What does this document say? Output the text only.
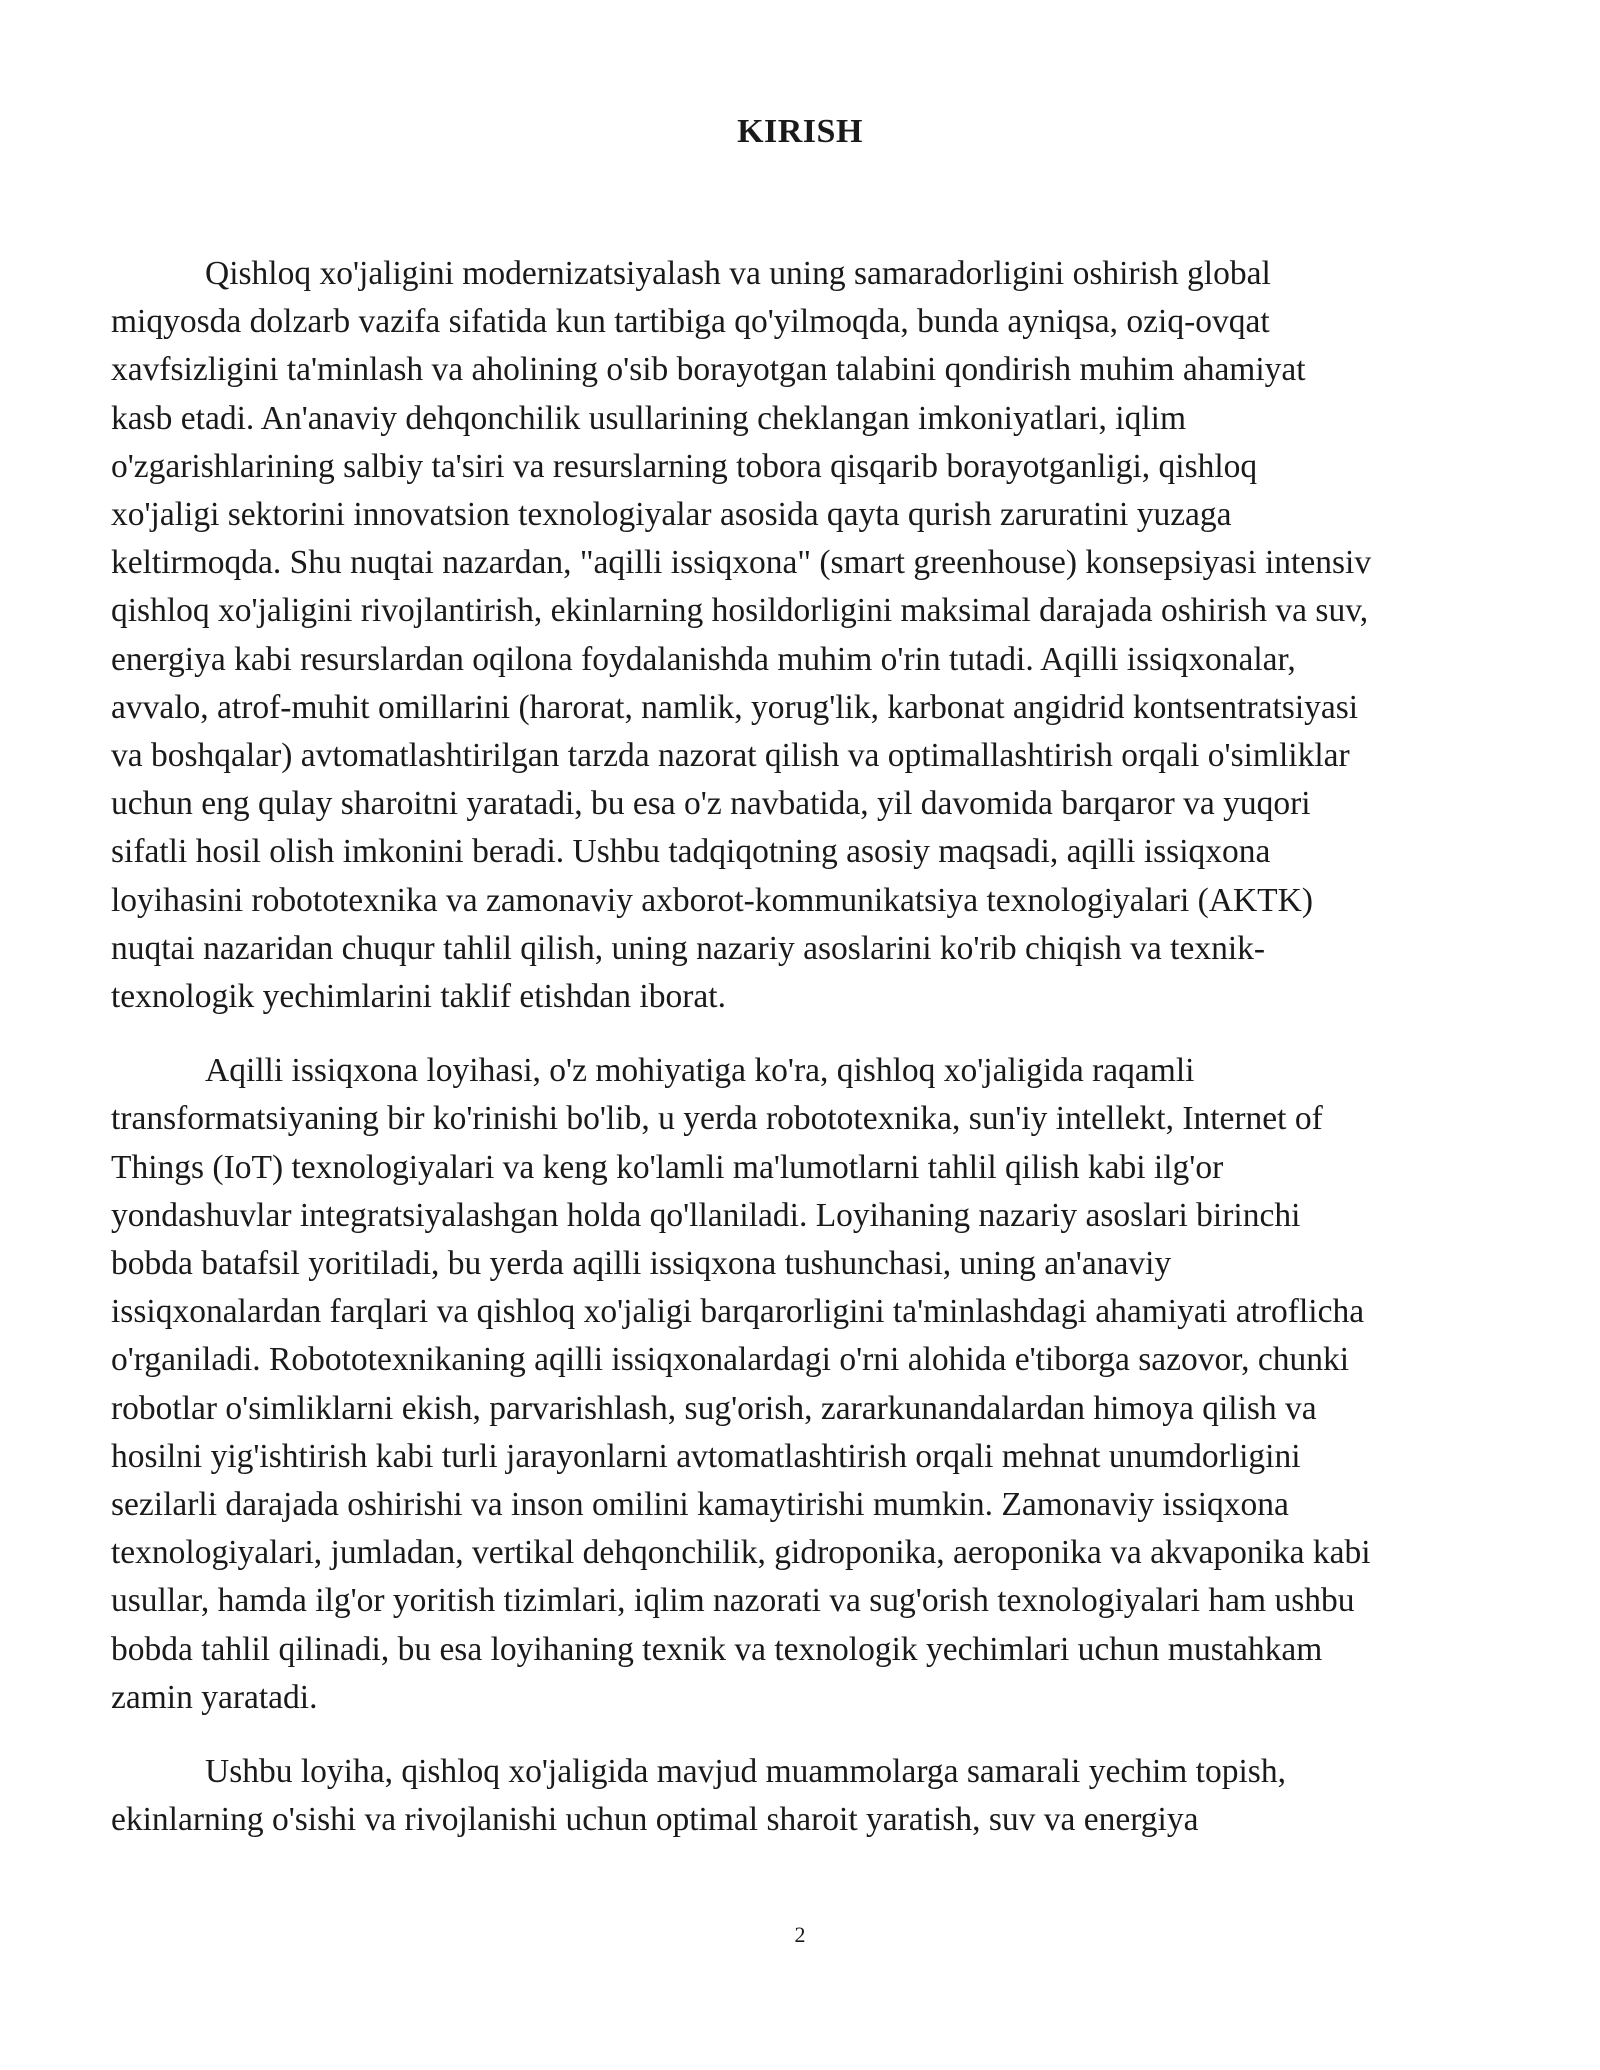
KIRISH

Qishloq xo'jaligini modernizatsiyalash va uning samaradorligini oshirish global
miqyosda dolzarb vazifa sifatida kun tartibiga qo'yilmoqda, bunda ayniqsa, oziq-ovqat
xavfsizligini ta'minlash va aholining o'sib borayotgan talabini qondirish muhim ahamiyat
kasb etadi. An'anaviy dehqonchilik usullarining cheklangan imkoniyatlari, iqlim
o'zgarishlarining salbiy ta'siri va resurslarning tobora qisqarib borayotganligi, qishloq
xo'jaligi sektorini innovatsion texnologiyalar asosida qayta qurish zaruratini yuzaga
keltirmoqda. Shu nuqtai nazardan, "aqilli issiqxona" (smart greenhouse) konsepsiyasi intensiv
qishloq xo'jaligini rivojlantirish, ekinlarning hosildorligini maksimal darajada oshirish va suv,
energiya kabi resurslardan oqilona foydalanishda muhim o'rin tutadi. Aqilli issiqxonalar,
avvalo, atrof-muhit omillarini (harorat, namlik, yorug'lik, karbonat angidrid kontsentratsiyasi
va boshqalar) avtomatlashtirilgan tarzda nazorat qilish va optimallashtirish orqali o'simliklar
uchun eng qulay sharoitni yaratadi, bu esa o'z navbatida, yil davomida barqaror va yuqori
sifatli hosil olish imkonini beradi. Ushbu tadqiqotning asosiy maqsadi, aqilli issiqxona
loyihasini robototexnika va zamonaviy axborot-kommunikatsiya texnologiyalari (AKTK)
nuqtai nazaridan chuqur tahlil qilish, uning nazariy asoslarini ko'rib chiqish va texnik-
texnologik yechimlarini taklif etishdan iborat.

Aqilli issiqxona loyihasi, o'z mohiyatiga ko'ra, qishloq xo'jaligida raqamli
transformatsiyaning bir ko'rinishi bo'lib, u yerda robototexnika, sun'iy intellekt, Internet of
Things (IoT) texnologiyalari va keng ko'lamli ma'lumotlarni tahlil qilish kabi ilg'or
yondashuvlar integratsiyalashgan holda qo'llaniladi. Loyihaning nazariy asoslari birinchi
bobda batafsil yoritiladi, bu yerda aqilli issiqxona tushunchasi, uning an'anaviy
issiqxonalardan farqlari va qishloq xo'jaligi barqarorligini ta'minlashdagi ahamiyati atroflicha
o'rganiladi. Robototexnikaning aqilli issiqxonalardagi o'rni alohida e'tiborga sazovor, chunki
robotlar o'simliklarni ekish, parvarishlash, sug'orish, zararkunandalardan himoya qilish va
hosilni yig'ishtirish kabi turli jarayonlarni avtomatlashtirish orqali mehnat unumdorligini
sezilarli darajada oshirishi va inson omilini kamaytirishi mumkin. Zamonaviy issiqxona
texnologiyalari, jumladan, vertikal dehqonchilik, gidroponika, aeroponika va akvaponika kabi
usullar, hamda ilg'or yoritish tizimlari, iqlim nazorati va sug'orish texnologiyalari ham ushbu
bobda tahlil qilinadi, bu esa loyihaning texnik va texnologik yechimlari uchun mustahkam
zamin yaratadi.

Ushbu loyiha, qishloq xo'jaligida mavjud muammolarga samarali yechim topish,
ekinlarning o'sishi va rivojlanishi uchun optimal sharoit yaratish, suv va energiya

2
